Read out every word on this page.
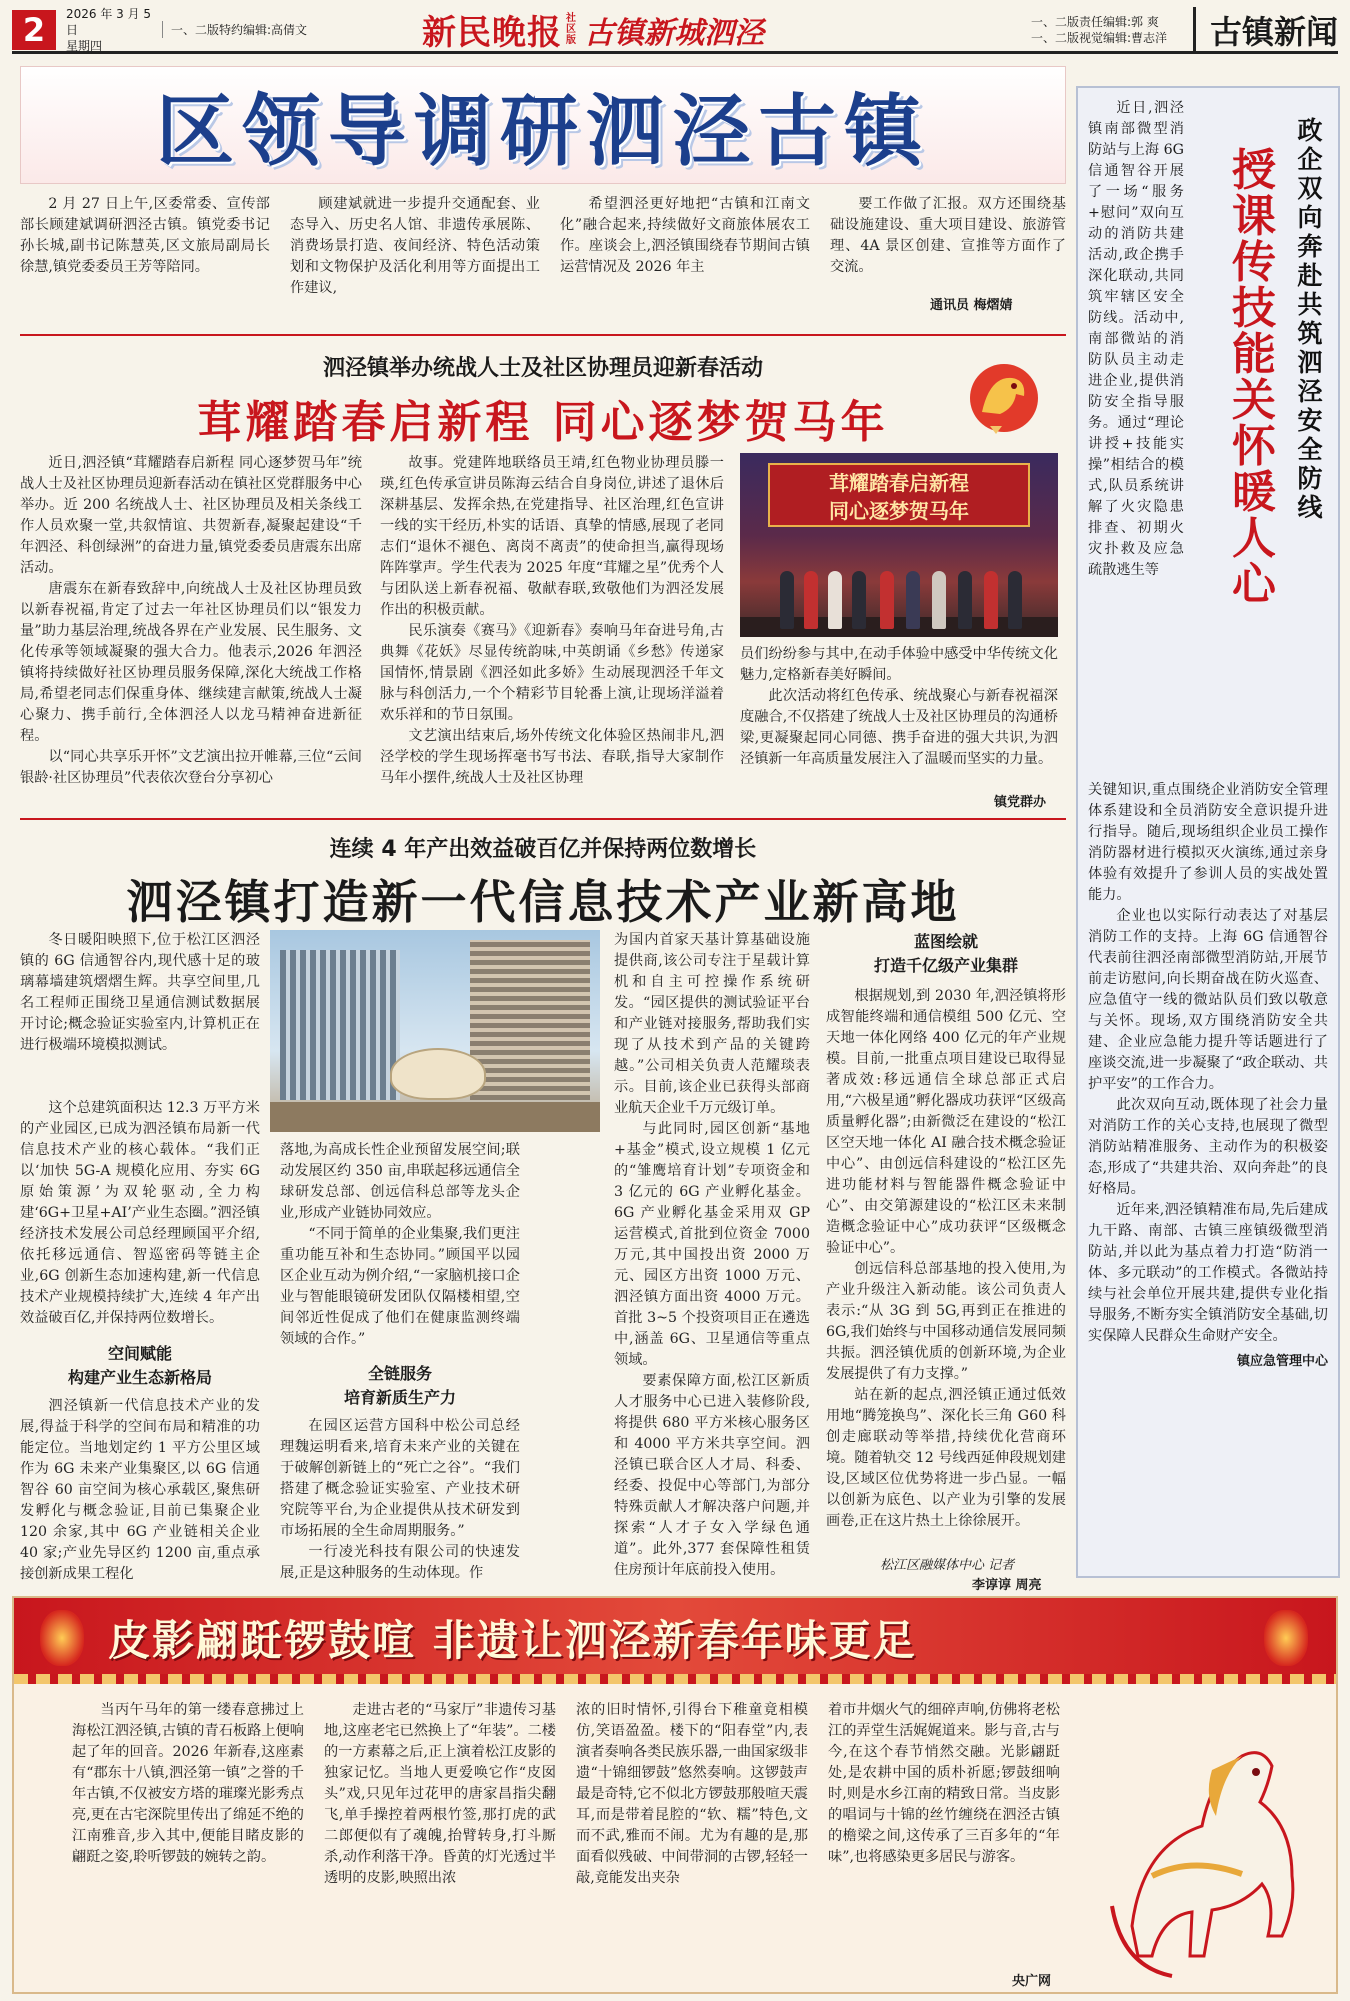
2	2026 年 3 月 5 日
星期四
一、二版特约编辑:高倩文	新民晚报 社区版 古镇新城泗泾	一、二版责任编辑:郭 爽
一、二版视觉编辑:曹志洋	古镇新闻
区领导调研泗泾古镇
2 月 27 日上午,区委常委、宣传部部长顾建斌调研泗泾古镇。镇党委书记孙长城,副书记陈慧英,区文旅局副局长徐慧,镇党委委员王芳等陪同。
顾建斌就进一步提升交通配套、业态导入、历史名人馆、非遗传承展陈、消费场景打造、夜间经济、特色活动策划和文物保护及活化利用等方面提出工作建议,
希望泗泾更好地把“古镇和江南文化”融合起来,持续做好文商旅体展农工作。座谈会上,泗泾镇围绕春节期间古镇运营情况及 2026 年主
要工作做了汇报。双方还围绕基础设施建设、重大项目建设、旅游管理、4A 景区创建、宣推等方面作了交流。
通讯员 梅熠婧
泗泾镇举办统战人士及社区协理员迎新春活动
茸耀踏春启新程 同心逐梦贺马年

近日,泗泾镇“茸耀踏春启新程 同心逐梦贺马年”统战人士及社区协理员迎新春活动在镇社区党群服务中心举办。近 200 名统战人士、社区协理员及相关条线工作人员欢聚一堂,共叙情谊、共贺新春,凝聚起建设“千年泗泾、科创绿洲”的奋进力量,镇党委委员唐震东出席活动。

唐震东在新春致辞中,向统战人士及社区协理员致以新春祝福,肯定了过去一年社区协理员们以“银发力量”助力基层治理,统战各界在产业发展、民生服务、文化传承等领域凝聚的强大合力。他表示,2026 年泗泾镇将持续做好社区协理员服务保障,深化大统战工作格局,希望老同志们保重身体、继续建言献策,统战人士凝心聚力、携手前行,全体泗泾人以龙马精神奋进新征程。

以“同心共享乐开怀”文艺演出拉开帷幕,三位“云间银龄·社区协理员”代表依次登台分享初心

故事。党建阵地联络员王靖,红色物业协理员滕一瑛,红色传承宣讲员陈海云结合自身岗位,讲述了退休后深耕基层、发挥余热,在党建指导、社区治理,红色宣讲一线的实干经历,朴实的话语、真挚的情感,展现了老同志们“退休不褪色、离岗不离责”的使命担当,赢得现场阵阵掌声。学生代表为 2025 年度“茸耀之星”优秀个人与团队送上新春祝福、敬献春联,致敬他们为泗泾发展作出的积极贡献。

民乐演奏《赛马》《迎新春》奏响马年奋进号角,古典舞《花妖》尽显传统韵味,中英朗诵《乡愁》传递家国情怀,情景剧《泗泾如此多娇》生动展现泗泾千年文脉与科创活力,一个个精彩节目轮番上演,让现场洋溢着欢乐祥和的节日氛围。

文艺演出结束后,场外传统文化体验区热闹非凡,泗泾学校的学生现场挥毫书写书法、春联,指导大家制作马年小摆件,统战人士及社区协理

茸耀踏春启新程
同心逐梦贺马年

员们纷纷参与其中,在动手体验中感受中华传统文化魅力,定格新春美好瞬间。

此次活动将红色传承、统战聚心与新春祝福深度融合,不仅搭建了统战人士及社区协理员的沟通桥梁,更凝聚起同心同德、携手奋进的强大共识,为泗泾镇新一年高质量发展注入了温暖而坚实的力量。

镇党群办
连续 4 年产出效益破百亿并保持两位数增长
泗泾镇打造新一代信息技术产业新高地
冬日暖阳映照下,位于松江区泗泾镇的 6G 信通智谷内,现代感十足的玻璃幕墙建筑熠熠生辉。共享空间里,几名工程师正围绕卫星通信测试数据展开讨论;概念验证实验室内,计算机正在进行极端环境模拟测试。

这个总建筑面积达 12.3 万平方米的产业园区,已成为泗泾镇布局新一代信息技术产业的核心载体。“我们正以‘加快 5G-A 规模化应用、夯实 6G 原始策源’为双轮驱动,全力构建‘6G+卫星+AI’产业生态圈。”泗泾镇经济技术发展公司总经理顾国平介绍,依托移远通信、智巡密码等链主企业,6G 创新生态加速构建,新一代信息技术产业规模持续扩大,连续 4 年产出效益破百亿,并保持两位数增长。

空间赋能
构建产业生态新格局

泗泾镇新一代信息技术产业的发展,得益于科学的空间布局和精准的功能定位。当地划定约 1 平方公里区域作为 6G 未来产业集聚区,以 6G 信通智谷 60 亩空间为核心承载区,聚焦研发孵化与概念验证,目前已集聚企业 120 余家,其中 6G 产业链相关企业 40 家;产业先导区约 1200 亩,重点承接创新成果工程化

落地,为高成长性企业预留发展空间;联动发展区约 350 亩,串联起移远通信全球研发总部、创远信科总部等龙头企业,形成产业链协同效应。

“不同于简单的企业集聚,我们更注重功能互补和生态协同。”顾国平以园区企业互动为例介绍,“一家脑机接口企业与智能眼镜研发团队仅隔楼相望,空间邻近性促成了他们在健康监测终端领域的合作。”

全链服务
培育新质生产力

在园区运营方国科中松公司总经理魏运明看来,培育未来产业的关键在于破解创新链上的“死亡之谷”。“我们搭建了概念验证实验室、产业技术研究院等平台,为企业提供从技术研发到市场拓展的全生命周期服务。”

一行凌光科技有限公司的快速发展,正是这种服务的生动体现。作

为国内首家天基计算基础设施提供商,该公司专注于星载计算机和自主可控操作系统研发。“园区提供的测试验证平台和产业链对接服务,帮助我们实现了从技术到产品的关键跨越。”公司相关负责人范耀琰表示。目前,该企业已获得头部商业航天企业千万元级订单。

与此同时,园区创新“基地+基金”模式,设立规模 1 亿元的“雏鹰培育计划”专项资金和 3 亿元的 6G 产业孵化基金。6G 产业孵化基金采用双 GP 运营模式,首批到位资金 7000 万元,其中国投出资 2000 万元、园区方出资 1000 万元、泗泾镇方面出资 4000 万元。首批 3~5 个投资项目正在遴选中,涵盖 6G、卫星通信等重点领域。

要素保障方面,松江区新质人才服务中心已进入装修阶段,将提供 680 平方米核心服务区和 4000 平方米共享空间。泗泾镇已联合区人才局、科委、经委、投促中心等部门,为部分特殊贡献人才解决落户问题,并探索“人才子女入学绿色通道”。此外,377 套保障性租赁住房预计年底前投入使用。

蓝图绘就
打造千亿级产业集群

根据规划,到 2030 年,泗泾镇将形成智能终端和通信模组 500 亿元、空天地一体化网络 400 亿元的年产业规模。目前,一批重点项目建设已取得显著成效:移远通信全球总部正式启用,“六极星通”孵化器成功获评“区级高质量孵化器”;由新微泛在建设的“松江区空天地一体化 AI 融合技术概念验证中心”、由创远信科建设的“松江区先进功能材料与智能器件概念验证中心”、由交第源建设的“松江区未来制造概念验证中心”成功获评“区级概念验证中心”。

创远信科总部基地的投入使用,为产业升级注入新动能。该公司负责人表示:“从 3G 到 5G,再到正在推进的 6G,我们始终与中国移动通信发展同频共振。泗泾镇优质的创新环境,为企业发展提供了有力支撑。”

站在新的起点,泗泾镇正通过低效用地“腾笼换鸟”、深化长三角 G60 科创走廊联动等举措,持续优化营商环境。随着轨交 12 号线西延伸段规划建设,区域区位优势将进一步凸显。一幅以创新为底色、以产业为引擎的发展画卷,正在这片热土上徐徐展开。

松江区融媒体中心 记者
李谆谆 周亮
政企双向奔赴共筑泗泾安全防线
授课传技能 关怀暖人心
近日,泗泾镇南部微型消防站与上海 6G 信通智谷开展了一场“服务+慰问”双向互动的消防共建活动,政企携手深化联动,共同筑牢辖区安全防线。活动中,南部微站的消防队员主动走进企业,提供消防安全指导服务。通过“理论讲授+技能实操”相结合的模式,队员系统讲解了火灾隐患排查、初期火灾扑救及应急疏散逃生等

关键知识,重点围绕企业消防安全管理体系建设和全员消防安全意识提升进行指导。随后,现场组织企业员工操作消防器材进行模拟灭火演练,通过亲身体验有效提升了参训人员的实战处置能力。

企业也以实际行动表达了对基层消防工作的支持。上海 6G 信通智谷代表前往泗泾南部微型消防站,开展节前走访慰问,向长期奋战在防火巡查、应急值守一线的微站队员们致以敬意与关怀。现场,双方围绕消防安全共建、企业应急能力提升等话题进行了座谈交流,进一步凝聚了“政企联动、共护平安”的工作合力。

此次双向互动,既体现了社会力量对消防工作的关心支持,也展现了微型消防站精准服务、主动作为的积极姿态,形成了“共建共治、双向奔赴”的良好格局。

近年来,泗泾镇精准布局,先后建成九干路、南部、古镇三座镇级微型消防站,并以此为基点着力打造“防消一体、多元联动”的工作模式。各微站持续与社会单位开展共建,提供专业化指导服务,不断夯实全镇消防安全基础,切实保障人民群众生命财产安全。

镇应急管理中心

皮影翩跹锣鼓喧 非遗让泗泾新春年味更足
当丙午马年的第一缕春意拂过上海松江泗泾镇,古镇的青石板路上便响起了年的回音。2026 年新春,这座素有“郡东十八镇,泗泾第一镇”之誉的千年古镇,不仅被安方塔的璀璨光影秀点亮,更在古宅深院里传出了绵延不绝的江南雅音,步入其中,便能目睹皮影的翩跹之姿,聆听锣鼓的婉转之韵。
走进古老的“马家厅”非遗传习基地,这座老宅已然换上了“年装”。二楼的一方素幕之后,正上演着松江皮影的独家记忆。当地人更爱唤它作“皮囡头”戏,只见年过花甲的唐家昌指尖翻飞,单手操控着两根竹签,那打虎的武二郎便似有了魂魄,抬臂转身,打斗厮杀,动作利落干净。昏黄的灯光透过半透明的皮影,映照出浓
浓的旧时情怀,引得台下稚童竟相模仿,笑语盈盈。楼下的“阳春堂”内,表演者奏响各类民族乐器,一曲国家级非遗“十锦细锣鼓”悠然奏响。这锣鼓声最是奇特,它不似北方锣鼓那般喧天震耳,而是带着昆腔的“软、糯”特色,文而不武,雅而不闹。尤为有趣的是,那面看似残破、中间带洞的古锣,轻轻一敲,竟能发出夹杂
着市井烟火气的细碎声响,仿佛将老松江的弄堂生活娓娓道来。影与音,古与今,在这个春节悄然交融。光影翩跹处,是农耕中国的质朴祈愿;锣鼓细响时,则是水乡江南的精致日常。当皮影的唱词与十锦的丝竹缠绕在泗泾古镇的檐梁之间,这传承了三百多年的“年味”,也将感染更多居民与游客。
央广网
